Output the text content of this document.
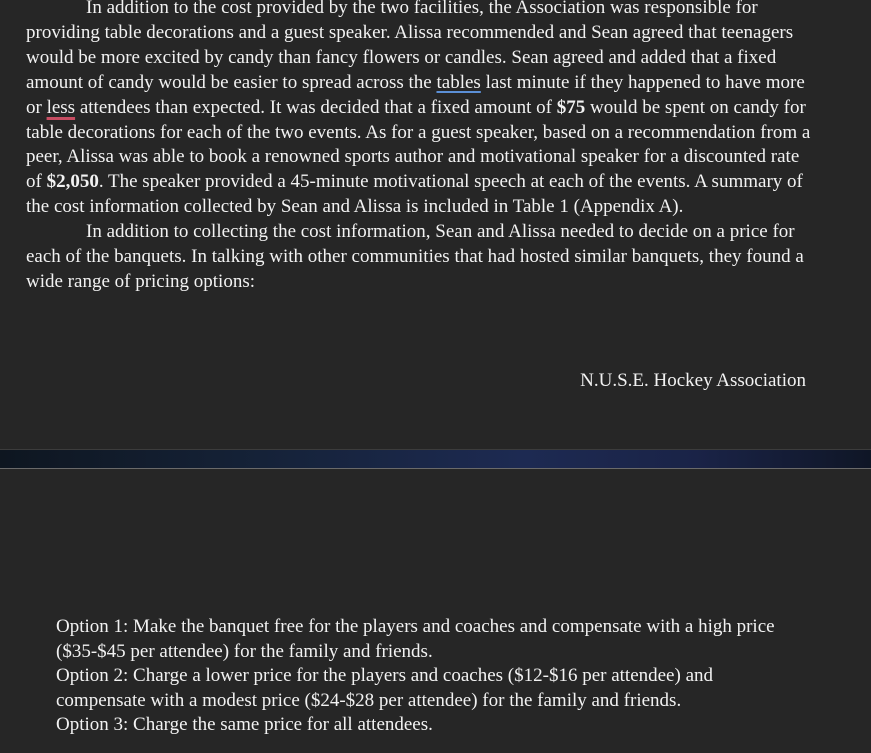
In addition to the cost provided by the two facilities, the Association was responsible for providing table decorations and a guest speaker. Alissa recommended and Sean agreed that teenagers would be more excited by candy than fancy flowers or candles. Sean agreed and added that a fixed amount of candy would be easier to spread across the tables last minute if they happened to have more or less attendees than expected. It was decided that a fixed amount of $75 would be spent on candy for table decorations for each of the two events. As for a guest speaker, based on a recommendation from a peer, Alissa was able to book a renowned sports author and motivational speaker for a discounted rate of $2,050. The speaker provided a 45-minute motivational speech at each of the events. A summary of the cost information collected by Sean and Alissa is included in Table 1 (Appendix A).

In addition to collecting the cost information, Sean and Alissa needed to decide on a price for each of the banquets. In talking with other communities that had hosted similar banquets, they found a wide range of pricing options:

N.U.S.E. Hockey Association
Option 1: Make the banquet free for the players and coaches and compensate with a high price ($35-$45 per attendee) for the family and friends.
Option 2: Charge a lower price for the players and coaches ($12-$16 per attendee) and compensate with a modest price ($24-$28 per attendee) for the family and friends.
Option 3: Charge the same price for all attendees.
